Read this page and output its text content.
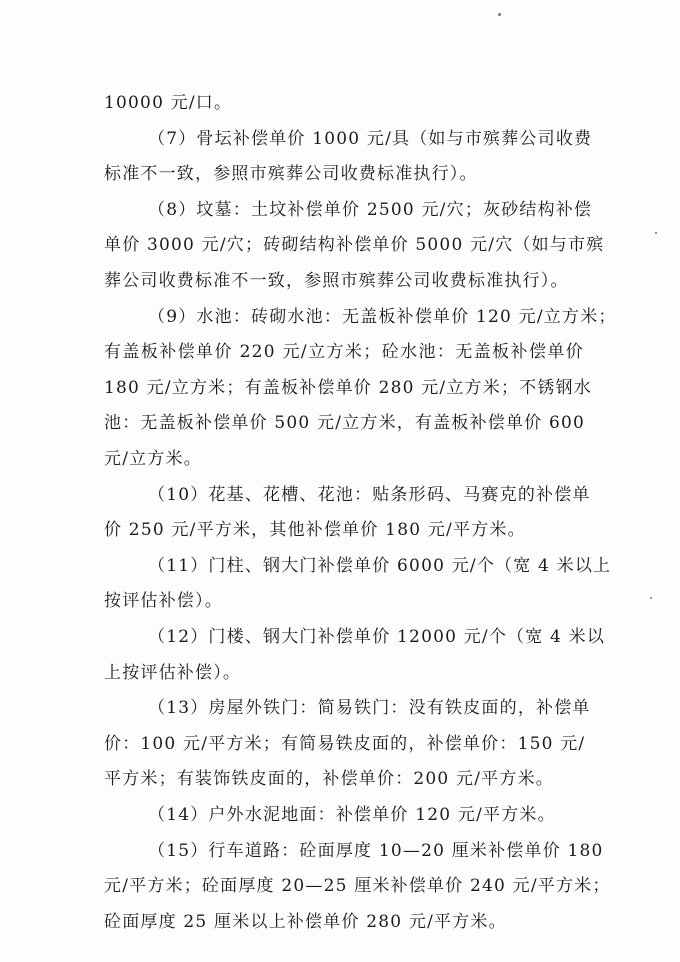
10000 元/口。
（7）骨坛补偿单价 1000 元/具（如与市殡葬公司收费
标准不一致，参照市殡葬公司收费标准执行）。
（8）坟墓：土坟补偿单价 2500 元/穴；灰砂结构补偿
单价 3000 元/穴；砖砌结构补偿单价 5000 元/穴（如与市殡
葬公司收费标准不一致，参照市殡葬公司收费标准执行）。
（9）水池：砖砌水池：无盖板补偿单价 120 元/立方米；
有盖板补偿单价 220 元/立方米；砼水池：无盖板补偿单价
180 元/立方米；有盖板补偿单价 280 元/立方米；不锈钢水
池：无盖板补偿单价 500 元/立方米，有盖板补偿单价 600
元/立方米。
（10）花基、花槽、花池：贴条形码、马赛克的补偿单
价 250 元/平方米，其他补偿单价 180 元/平方米。
（11）门柱、钢大门补偿单价 6000 元/个（宽 4 米以上
按评估补偿）。
（12）门楼、钢大门补偿单价 12000 元/个（宽 4 米以
上按评估补偿）。
（13）房屋外铁门：简易铁门：没有铁皮面的，补偿单
价：100 元/平方米；有简易铁皮面的，补偿单价：150 元/
平方米；有装饰铁皮面的，补偿单价：200 元/平方米。
（14）户外水泥地面：补偿单价 120 元/平方米。
（15）行车道路：砼面厚度 10—20 厘米补偿单价 180
元/平方米；砼面厚度 20—25 厘米补偿单价 240 元/平方米；
砼面厚度 25 厘米以上补偿单价 280 元/平方米。
